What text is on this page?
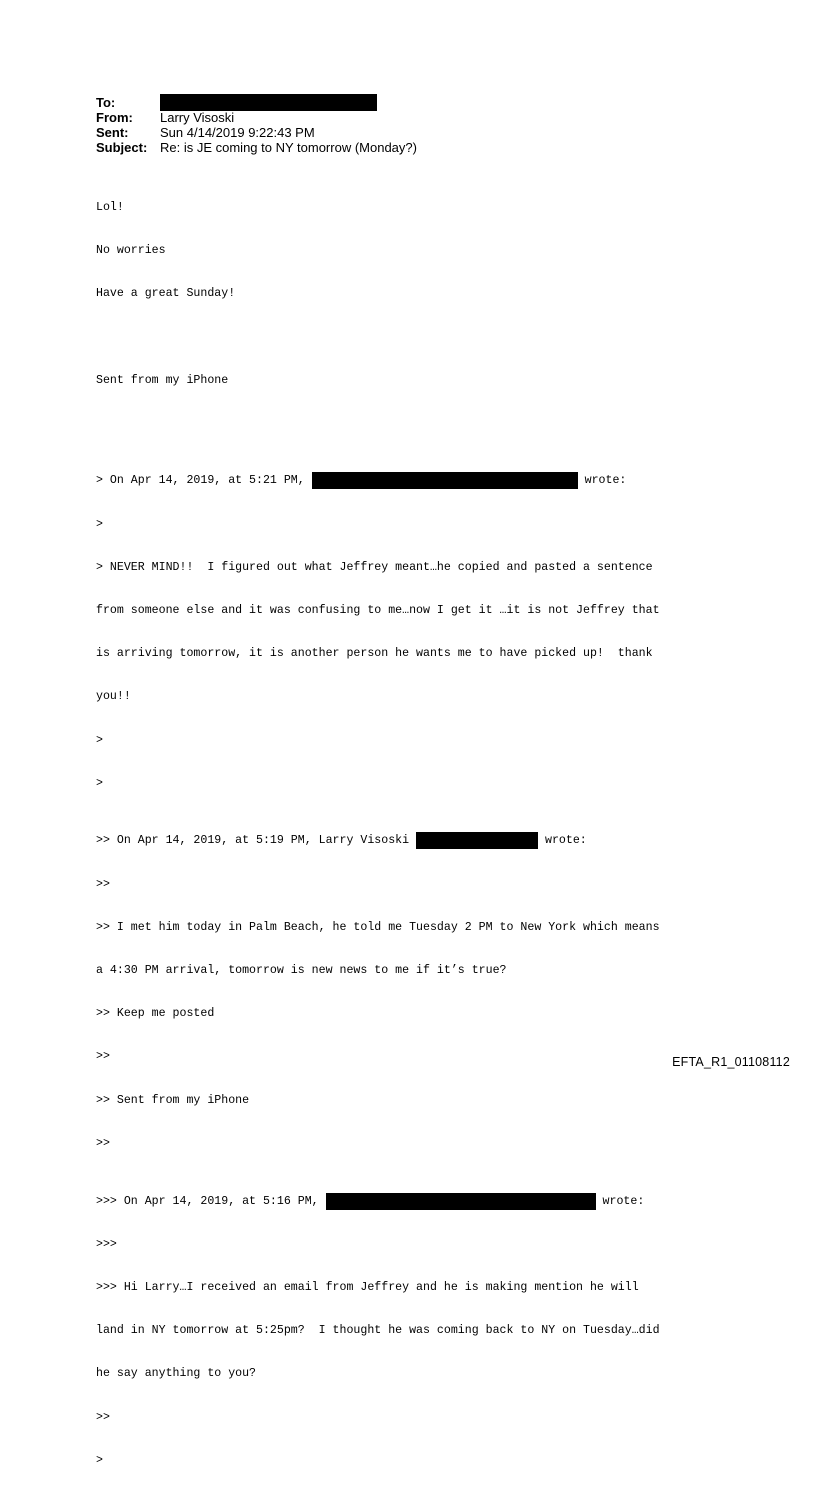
To:
From:	Larry Visoski
Sent:	Sun 4/14/2019 9:22:43 PM
Subject: Re: is JE coming to NY tomorrow (Monday?)

Lol!

No worries

Have a great Sunday!

Sent from my iPhone

> On Apr 14, 2019, at 5:21 PM,	wrote:

>

> NEVER MIND!!  I figured out what Jeffrey meant…he copied and pasted a sentence

from someone else and it was confusing to me…now I get it …it is not Jeffrey that

is arriving tomorrow, it is another person he wants me to have picked up!  thank

you!!

>

>

>> On Apr 14, 2019, at 5:19 PM, Larry Visoski	wrote:

>>

>> I met him today in Palm Beach, he told me Tuesday 2 PM to New York which means

a 4:30 PM arrival, tomorrow is new news to me if it’s true?

>> Keep me posted

>>

>> Sent from my iPhone

>>

>>> On Apr 14, 2019, at 5:16 PM,	wrote:

>>>

>>> Hi Larry…I received an email from Jeffrey and he is making mention he will

land in NY tomorrow at 5:25pm?  I thought he was coming back to NY on Tuesday…did

he say anything to you?

>>

>

EFTA_R1_01108112
